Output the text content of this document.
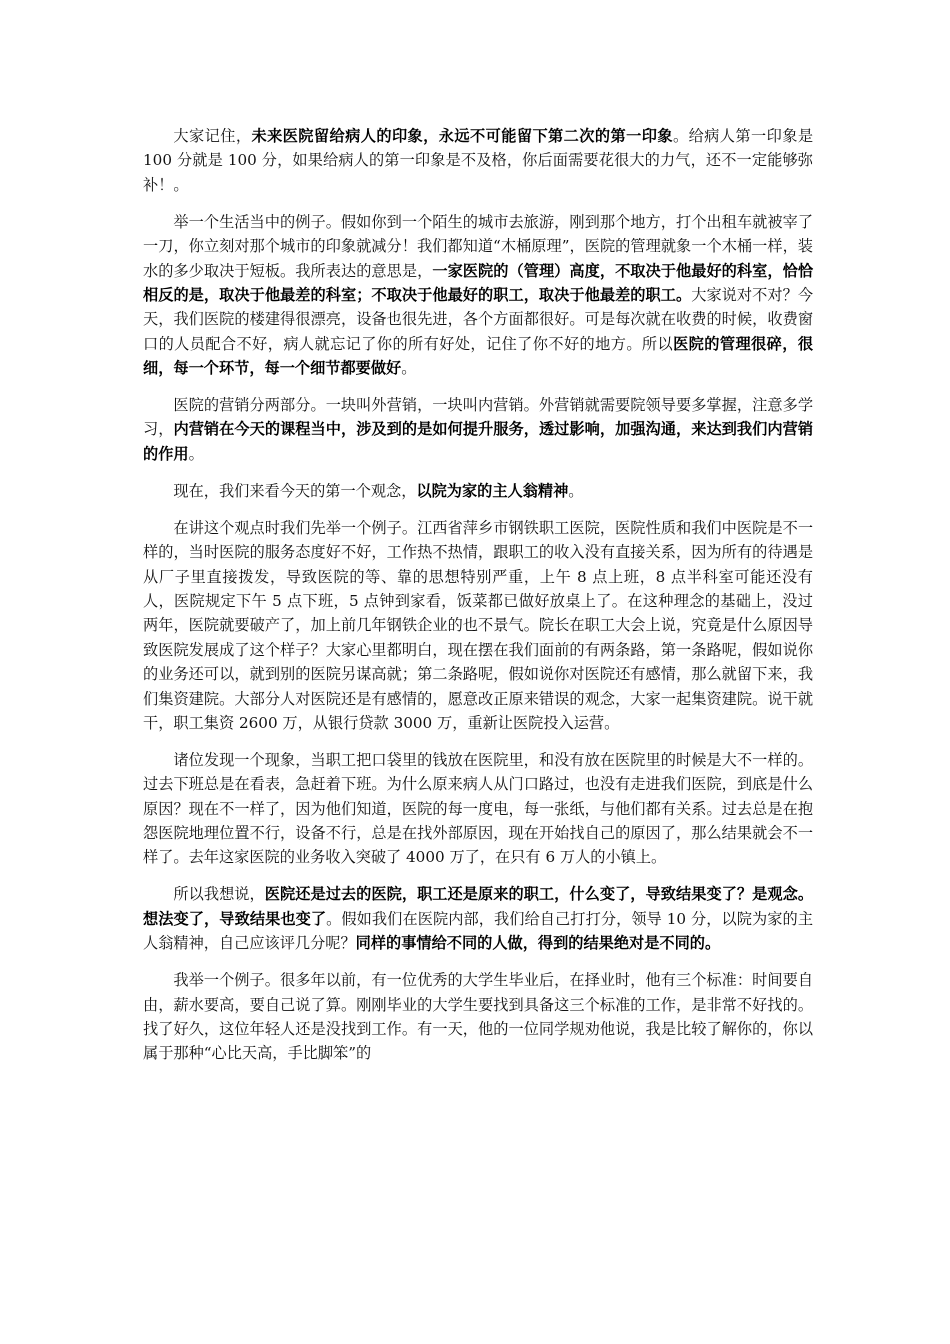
大家记住，未来医院留给病人的印象，永远不可能留下第二次的第一印象。给病人第一印象是 100 分就是 100 分，如果给病人的第一印象是不及格，你后面需要花很大的力气，还不一定能够弥补！。

举一个生活当中的例子。假如你到一个陌生的城市去旅游，刚到那个地方，打个出租车就被宰了一刀，你立刻对那个城市的印象就减分！我们都知道“木桶原理”，医院的管理就象一个木桶一样，装水的多少取决于短板。我所表达的意思是，一家医院的（管理）高度，不取决于他最好的科室，恰恰相反的是，取决于他最差的科室；不取决于他最好的职工，取决于他最差的职工。大家说对不对？今天，我们医院的楼建得很漂亮，设备也很先进，各个方面都很好。可是每次就在收费的时候，收费窗口的人员配合不好，病人就忘记了你的所有好处，记住了你不好的地方。所以医院的管理很碎，很细，每一个环节，每一个细节都要做好。

医院的营销分两部分。一块叫外营销，一块叫内营销。外营销就需要院领导要多掌握，注意多学习，内营销在今天的课程当中，涉及到的是如何提升服务，透过影响，加强沟通，来达到我们内营销的作用。

现在，我们来看今天的第一个观念，以院为家的主人翁精神。

在讲这个观点时我们先举一个例子。江西省萍乡市钢铁职工医院，医院性质和我们中医院是不一样的，当时医院的服务态度好不好，工作热不热情，跟职工的收入没有直接关系，因为所有的待遇是从厂子里直接拨发，导致医院的等、靠的思想特别严重，上午 8 点上班，8 点半科室可能还没有人，医院规定下午 5 点下班，5 点钟到家看，饭菜都已做好放桌上了。在这种理念的基础上，没过两年，医院就要破产了，加上前几年钢铁企业的也不景气。院长在职工大会上说，究竟是什么原因导致医院发展成了这个样子？大家心里都明白，现在摆在我们面前的有两条路，第一条路呢，假如说你的业务还可以，就到别的医院另谋高就；第二条路呢，假如说你对医院还有感情，那么就留下来，我们集资建院。大部分人对医院还是有感情的，愿意改正原来错误的观念，大家一起集资建院。说干就干，职工集资 2600 万，从银行贷款 3000 万，重新让医院投入运营。

诸位发现一个现象，当职工把口袋里的钱放在医院里，和没有放在医院里的时候是大不一样的。过去下班总是在看表，急赶着下班。为什么原来病人从门口路过，也没有走进我们医院，到底是什么原因？现在不一样了，因为他们知道，医院的每一度电，每一张纸，与他们都有关系。过去总是在抱怨医院地理位置不行，设备不行，总是在找外部原因，现在开始找自己的原因了，那么结果就会不一样了。去年这家医院的业务收入突破了 4000 万了，在只有 6 万人的小镇上。

所以我想说，医院还是过去的医院，职工还是原来的职工，什么变了，导致结果变了？是观念。想法变了，导致结果也变了。假如我们在医院内部，我们给自己打打分，领导 10 分，以院为家的主人翁精神，自己应该评几分呢？同样的事情给不同的人做，得到的结果绝对是不同的。

我举一个例子。很多年以前，有一位优秀的大学生毕业后，在择业时，他有三个标准：时间要自由，薪水要高，要自己说了算。刚刚毕业的大学生要找到具备这三个标准的工作，是非常不好找的。找了好久，这位年轻人还是没找到工作。有一天，他的一位同学规劝他说，我是比较了解你的，你以属于那种“心比天高，手比脚笨”的
